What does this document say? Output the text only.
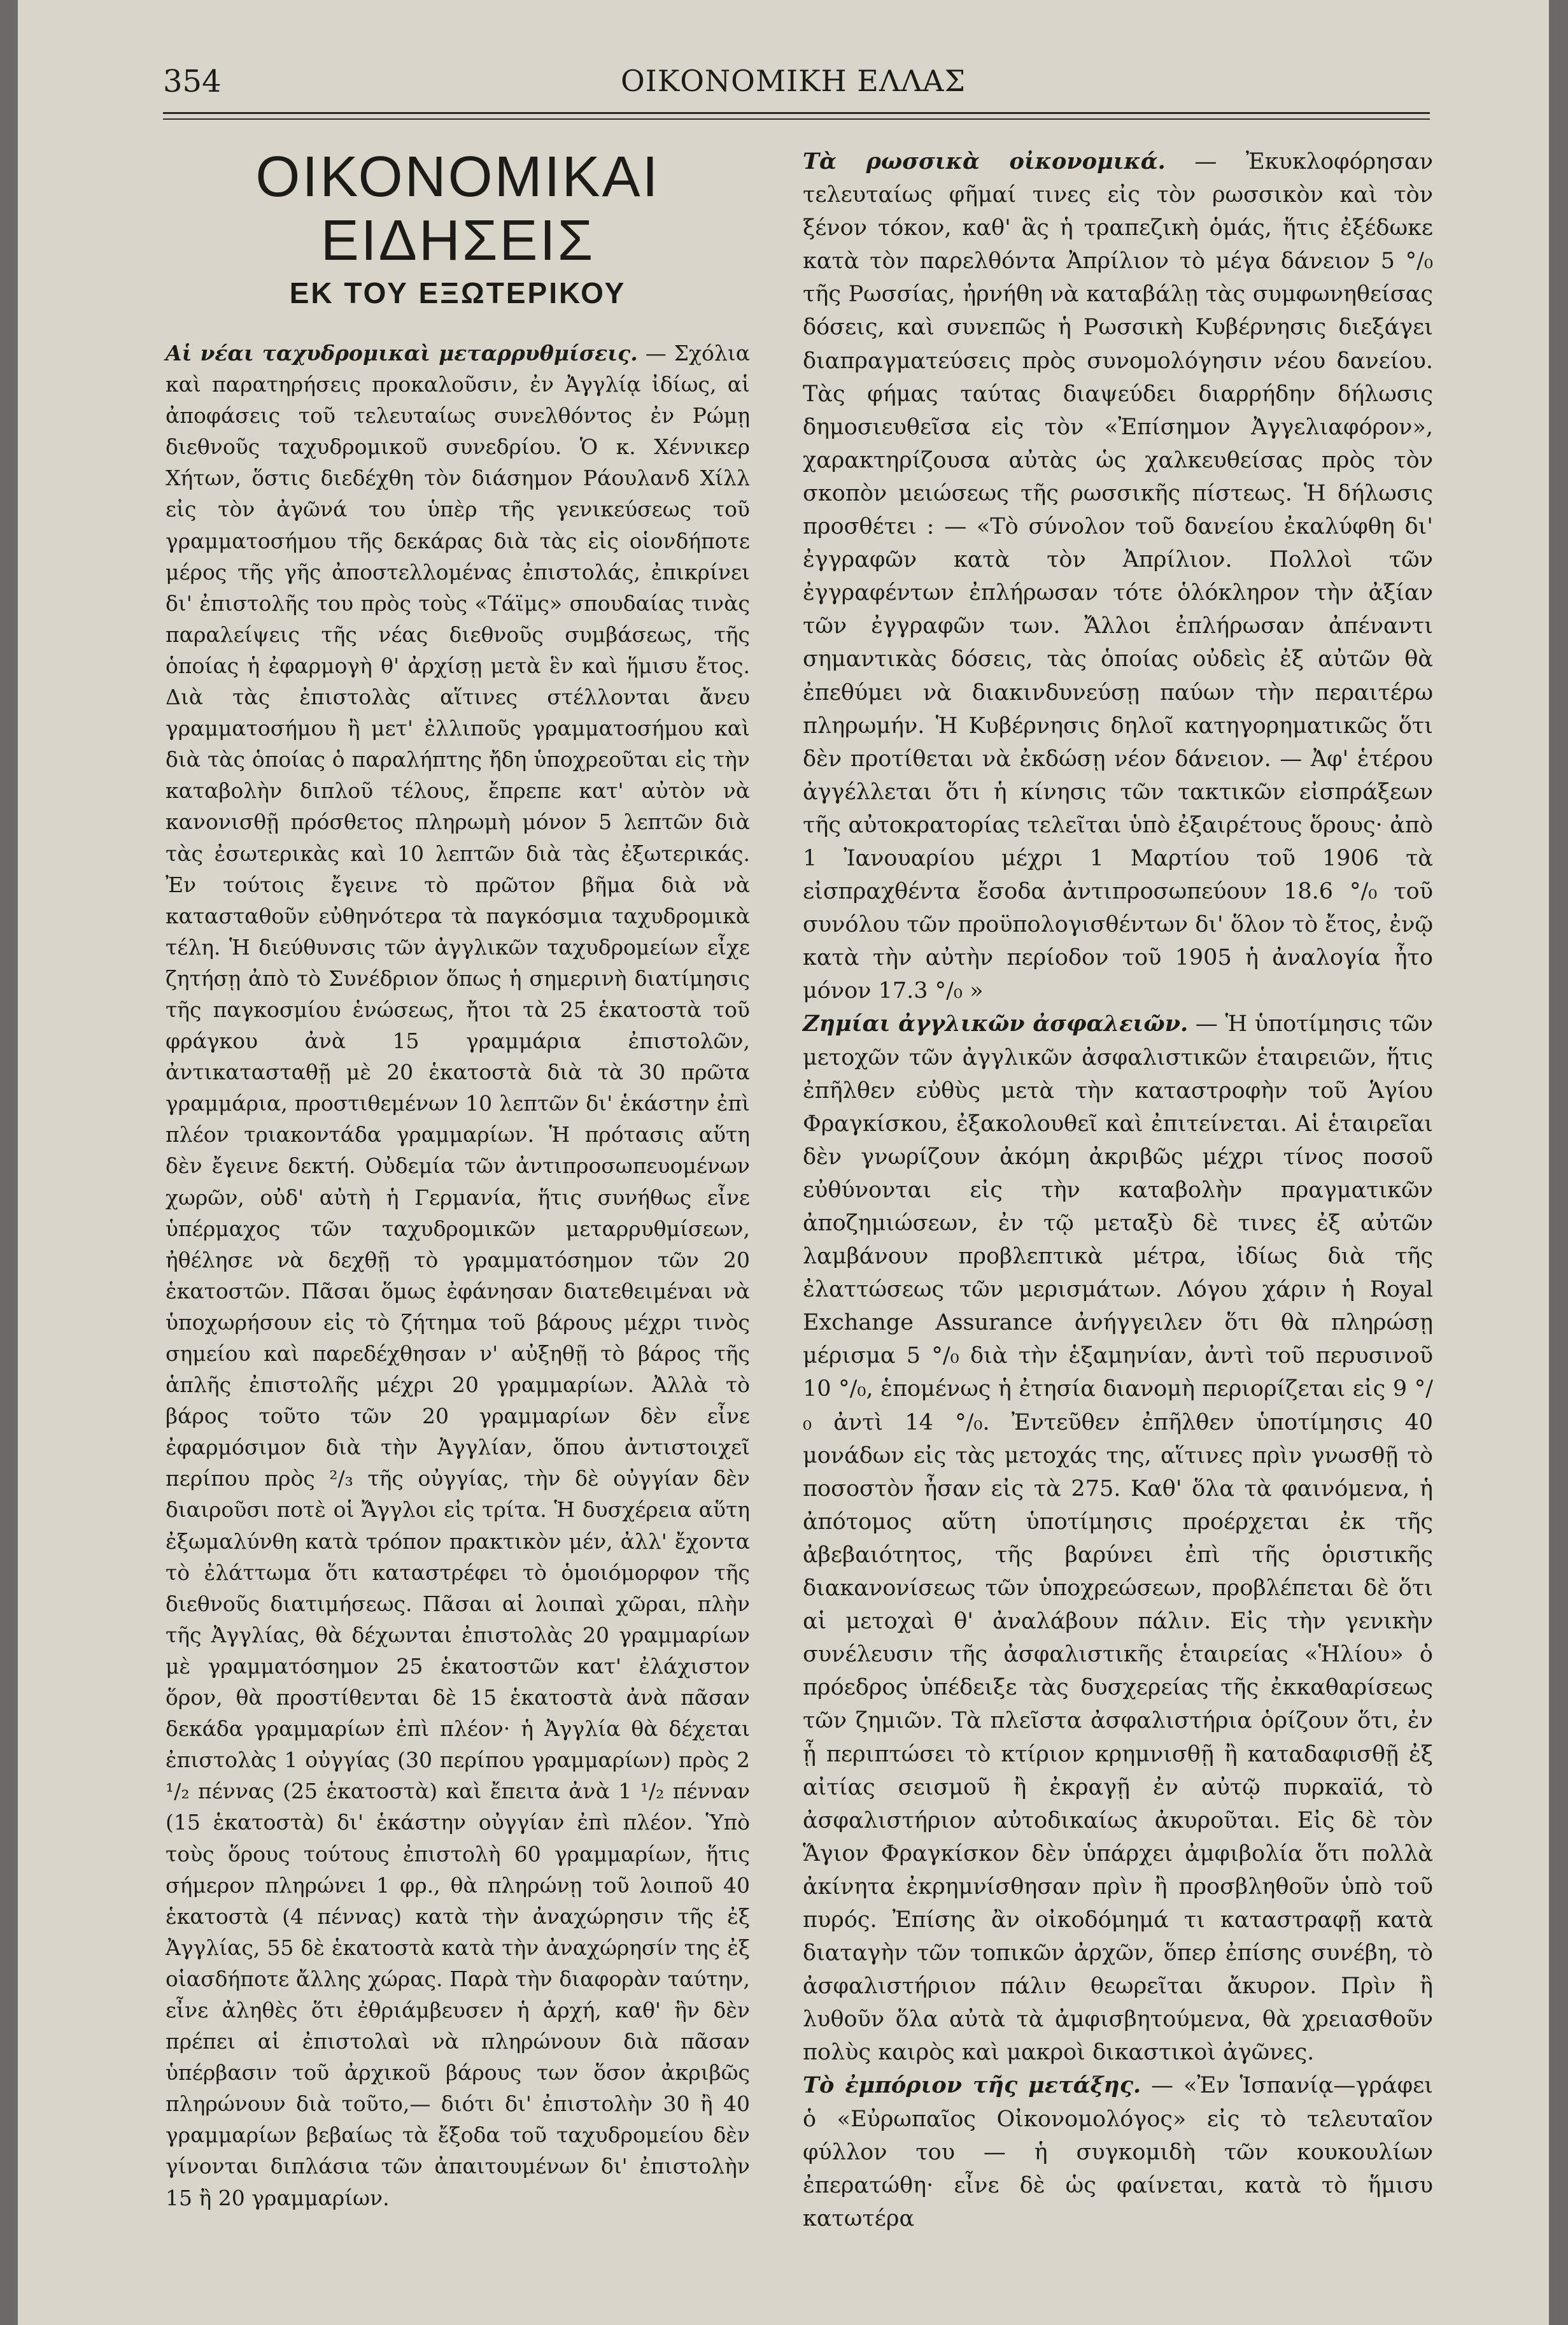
354	ΟΙΚΟΝΟΜΙΚΗ ΕΛΛΑΣ
ΟΙΚΟΝΟΜΙΚΑΙ ΕΙΔΗΣΕΙΣ
ΕΚ ΤΟΥ ΕΞΩΤΕΡΙΚΟΥ

Αἱ νέαι ταχυδρομικαὶ μεταρρυθμίσεις. — Σχόλια καὶ παρατηρήσεις προκαλοῦσιν, ἐν Ἀγγλίᾳ ἰδίως, αἱ ἀποφάσεις τοῦ τελευταίως συνελθόντος ἐν Ρώμῃ διεθνοῦς ταχυδρομικοῦ συνεδρίου. Ὁ κ. Χέννικερ Χήτων, ὅστις διεδέχθη τὸν διάσημον Ράουλανδ Χίλλ εἰς τὸν ἀγῶνά του ὑπὲρ τῆς γενικεύσεως τοῦ γραμματοσήμου τῆς δεκάρας διὰ τὰς εἰς οἱονδήποτε μέρος τῆς γῆς ἀποστελλομένας ἐπιστολάς, ἐπικρίνει δι' ἐπιστολῆς του πρὸς τοὺς «Τάϊμς» σπουδαίας τινὰς παραλείψεις τῆς νέας διεθνοῦς συμβάσεως, τῆς ὁποίας ἡ ἐφαρμογὴ θ' ἀρχίσῃ μετὰ ἓν καὶ ἥμισυ ἔτος. Διὰ τὰς ἐπιστολὰς αἵτινες στέλλονται ἄνευ γραμματοσήμου ἢ μετ' ἐλλιποῦς γραμματοσήμου καὶ διὰ τὰς ὁποίας ὁ παραλήπτης ἤδη ὑποχρεοῦται εἰς τὴν καταβολὴν διπλοῦ τέλους, ἔπρεπε κατ' αὐτὸν νὰ κανονισθῇ πρόσθετος πληρωμὴ μόνον 5 λεπτῶν διὰ τὰς ἐσωτερικὰς καὶ 10 λεπτῶν διὰ τὰς ἐξωτερικάς. Ἐν τούτοις ἔγεινε τὸ πρῶτον βῆμα διὰ νὰ κατασταθοῦν εὐθηνότερα τὰ παγκόσμια ταχυδρομικὰ τέλη. Ἡ διεύθυνσις τῶν ἀγγλικῶν ταχυδρομείων εἶχε ζητήσῃ ἀπὸ τὸ Συνέδριον ὅπως ἡ σημερινὴ διατίμησις τῆς παγκοσμίου ἑνώσεως, ἤτοι τὰ 25 ἑκατοστὰ τοῦ φράγκου ἀνὰ 15 γραμμάρια ἐπιστολῶν, ἀντικατασταθῇ μὲ 20 ἑκατοστὰ διὰ τὰ 30 πρῶτα γραμμάρια, προστιθεμένων 10 λεπτῶν δι' ἑκάστην ἐπὶ πλέον τριακοντάδα γραμμαρίων. Ἡ πρότασις αὕτη δὲν ἔγεινε δεκτή. Οὐδεμία τῶν ἀντιπροσωπευομένων χωρῶν, οὐδ' αὐτὴ ἡ Γερμανία, ἥτις συνήθως εἶνε ὑπέρμαχος τῶν ταχυδρομικῶν μεταρρυθμίσεων, ἠθέλησε νὰ δεχθῇ τὸ γραμματόσημον τῶν 20 ἑκατοστῶν. Πᾶσαι ὅμως ἐφάνησαν διατεθειμέναι νὰ ὑποχωρήσουν εἰς τὸ ζήτημα τοῦ βάρους μέχρι τινὸς σημείου καὶ παρεδέχθησαν ν' αὐξηθῇ τὸ βάρος τῆς ἁπλῆς ἐπιστολῆς μέχρι 20 γραμμαρίων. Ἀλλὰ τὸ βάρος τοῦτο τῶν 20 γραμμαρίων δὲν εἶνε ἐφαρμόσιμον διὰ τὴν Ἀγγλίαν, ὅπου ἀντιστοιχεῖ περίπου πρὸς ²/₃ τῆς οὐγγίας, τὴν δὲ οὐγγίαν δὲν διαιροῦσι ποτὲ οἱ Ἄγγλοι εἰς τρίτα. Ἡ δυσχέρεια αὕτη ἐξωμαλύνθη κατὰ τρόπον πρακτικὸν μέν, ἀλλ' ἔχοντα τὸ ἐλάττωμα ὅτι καταστρέφει τὸ ὁμοιόμορφον τῆς διεθνοῦς διατιμήσεως. Πᾶσαι αἱ λοιπαὶ χῶραι, πλὴν τῆς Ἀγγλίας, θὰ δέχωνται ἐπιστολὰς 20 γραμμαρίων μὲ γραμματόσημον 25 ἑκατοστῶν κατ' ἐλάχιστον ὅρον, θὰ προστίθενται δὲ 15 ἑκατοστὰ ἀνὰ πᾶσαν δεκάδα γραμμαρίων ἐπὶ πλέον· ἡ Ἀγγλία θὰ δέχεται ἐπιστολὰς 1 οὐγγίας (30 περίπου γραμμαρίων) πρὸς 2 ¹/₂ πέννας (25 ἑκατοστὰ) καὶ ἔπειτα ἀνὰ 1 ¹/₂ πένναν (15 ἑκατοστὰ) δι' ἑκάστην οὐγγίαν ἐπὶ πλέον. Ὑπὸ τοὺς ὅρους τούτους ἐπιστολὴ 60 γραμμαρίων, ἥτις σήμερον πληρώνει 1 φρ., θὰ πληρώνῃ τοῦ λοιποῦ 40 ἑκατοστὰ (4 πέννας) κατὰ τὴν ἀναχώρησιν τῆς ἐξ Ἀγγλίας, 55 δὲ ἑκατοστὰ κατὰ τὴν ἀναχώρησίν της ἐξ οἱασδήποτε ἄλλης χώρας. Παρὰ τὴν διαφορὰν ταύτην, εἶνε ἀληθὲς ὅτι ἐθριάμβευσεν ἡ ἀρχή, καθ' ἣν δὲν πρέπει αἱ ἐπιστολαὶ νὰ πληρώνουν διὰ πᾶσαν ὑπέρβασιν τοῦ ἀρχικοῦ βάρους των ὅσον ἀκριβῶς πληρώνουν διὰ τοῦτο,— διότι δι' ἐπιστολὴν 30 ἢ 40 γραμμαρίων βεβαίως τὰ ἔξοδα τοῦ ταχυδρομείου δὲν γίνονται διπλάσια τῶν ἀπαιτουμένων δι' ἐπιστολὴν 15 ἢ 20 γραμμαρίων.

Τὰ ρωσσικὰ οἰκονομικά. — Ἐκυκλοφόρησαν τελευταίως φῆμαί τινες εἰς τὸν ρωσσικὸν καὶ τὸν ξένον τόκον, καθ' ἃς ἡ τραπεζικὴ ὁμάς, ἥτις ἐξέδωκε κατὰ τὸν παρελθόντα Ἀπρίλιον τὸ μέγα δάνειον 5 °/₀ τῆς Ρωσσίας, ἠρνήθη νὰ καταβάλῃ τὰς συμφωνηθείσας δόσεις, καὶ συνεπῶς ἡ Ρωσσικὴ Κυβέρνησις διεξάγει διαπραγματεύσεις πρὸς συνομολόγησιν νέου δανείου. Τὰς φήμας ταύτας διαψεύδει διαρρήδην δήλωσις δημοσιευθεῖσα εἰς τὸν «Ἐπίσημον Ἀγγελιαφόρον», χαρακτηρίζουσα αὐτὰς ὡς χαλκευθείσας πρὸς τὸν σκοπὸν μειώσεως τῆς ρωσσικῆς πίστεως. Ἡ δήλωσις προσθέτει : — «Τὸ σύνολον τοῦ δανείου ἐκαλύφθη δι' ἐγγραφῶν κατὰ τὸν Ἀπρίλιον. Πολλοὶ τῶν ἐγγραφέντων ἐπλήρωσαν τότε ὁλόκληρον τὴν ἀξίαν τῶν ἐγγραφῶν των. Ἄλλοι ἐπλήρωσαν ἀπέναντι σημαντικὰς δόσεις, τὰς ὁποίας οὐδεὶς ἐξ αὐτῶν θὰ ἐπεθύμει νὰ διακινδυνεύσῃ παύων τὴν περαιτέρω πληρωμήν. Ἡ Κυβέρνησις δηλοῖ κατηγορηματικῶς ὅτι δὲν προτίθεται νὰ ἐκδώσῃ νέον δάνειον. — Ἀφ' ἑτέρου ἀγγέλλεται ὅτι ἡ κίνησις τῶν τακτικῶν εἰσπράξεων τῆς αὐτοκρατορίας τελεῖται ὑπὸ ἐξαιρέτους ὅρους· ἀπὸ 1 Ἰανουαρίου μέχρι 1 Μαρτίου τοῦ 1906 τὰ εἰσπραχθέντα ἔσοδα ἀντιπροσωπεύουν 18.6 °/₀ τοῦ συνόλου τῶν προϋπολογισθέντων δι' ὅλον τὸ ἔτος, ἐνῷ κατὰ τὴν αὐτὴν περίοδον τοῦ 1905 ἡ ἀναλογία ἦτο μόνον 17.3 °/₀ »

Ζημίαι ἀγγλικῶν ἀσφαλειῶν. — Ἡ ὑποτίμησις τῶν μετοχῶν τῶν ἀγγλικῶν ἀσφαλιστικῶν ἑταιρειῶν, ἥτις ἐπῆλθεν εὐθὺς μετὰ τὴν καταστροφὴν τοῦ Ἁγίου Φραγκίσκου, ἐξακολουθεῖ καὶ ἐπιτείνεται. Αἱ ἑταιρεῖαι δὲν γνωρίζουν ἀκόμη ἀκριβῶς μέχρι τίνος ποσοῦ εὐθύνονται εἰς τὴν καταβολὴν πραγματικῶν ἀποζημιώσεων, ἐν τῷ μεταξὺ δὲ τινες ἐξ αὐτῶν λαμβάνουν προβλεπτικὰ μέτρα, ἰδίως διὰ τῆς ἐλαττώσεως τῶν μερισμάτων. Λόγου χάριν ἡ Royal Exchange Assurance ἀνήγγειλεν ὅτι θὰ πληρώσῃ μέρισμα 5 °/₀ διὰ τὴν ἑξαμηνίαν, ἀντὶ τοῦ περυσινοῦ 10 °/₀, ἑπομένως ἡ ἐτησία διανομὴ περιορίζεται εἰς 9 °/₀ ἀντὶ 14 °/₀. Ἐντεῦθεν ἐπῆλθεν ὑποτίμησις 40 μονάδων εἰς τὰς μετοχάς της, αἵτινες πρὶν γνωσθῇ τὸ ποσοστὸν ἦσαν εἰς τὰ 275. Καθ' ὅλα τὰ φαινόμενα, ἡ ἀπότομος αὕτη ὑποτίμησις προέρχεται ἐκ τῆς ἀβεβαιότητος, τῆς βαρύνει ἐπὶ τῆς ὁριστικῆς διακανονίσεως τῶν ὑποχρεώσεων, προβλέπεται δὲ ὅτι αἱ μετοχαὶ θ' ἀναλάβουν πάλιν. Εἰς τὴν γενικὴν συνέλευσιν τῆς ἀσφαλιστικῆς ἑταιρείας «Ἡλίου» ὁ πρόεδρος ὑπέδειξε τὰς δυσχερείας τῆς ἐκκαθαρίσεως τῶν ζημιῶν. Τὰ πλεῖστα ἀσφαλιστήρια ὁρίζουν ὅτι, ἐν ᾗ περιπτώσει τὸ κτίριον κρημνισθῇ ἢ καταδαφισθῇ ἐξ αἰτίας σεισμοῦ ἢ ἐκραγῇ ἐν αὐτῷ πυρκαϊά, τὸ ἀσφαλιστήριον αὐτοδικαίως ἀκυροῦται. Εἰς δὲ τὸν Ἅγιον Φραγκίσκον δὲν ὑπάρχει ἀμφιβολία ὅτι πολλὰ ἀκίνητα ἐκρημνίσθησαν πρὶν ἢ προσβληθοῦν ὑπὸ τοῦ πυρός. Ἐπίσης ἂν οἰκοδόμημά τι καταστραφῇ κατὰ διαταγὴν τῶν τοπικῶν ἀρχῶν, ὅπερ ἐπίσης συνέβη, τὸ ἀσφαλιστήριον πάλιν θεωρεῖται ἄκυρον. Πρὶν ἢ λυθοῦν ὅλα αὐτὰ τὰ ἀμφισβητούμενα, θὰ χρειασθοῦν πολὺς καιρὸς καὶ μακροὶ δικαστικοὶ ἀγῶνες.

Τὸ ἐμπόριον τῆς μετάξης. — «Ἐν Ἱσπανίᾳ—γράφει ὁ «Εὐρωπαῖος Οἰκονομολόγος» εἰς τὸ τελευταῖον φύλλον του — ἡ συγκομιδὴ τῶν κουκουλίων ἐπερατώθη· εἶνε δὲ ὡς φαίνεται, κατὰ τὸ ἥμισυ κατωτέρα
